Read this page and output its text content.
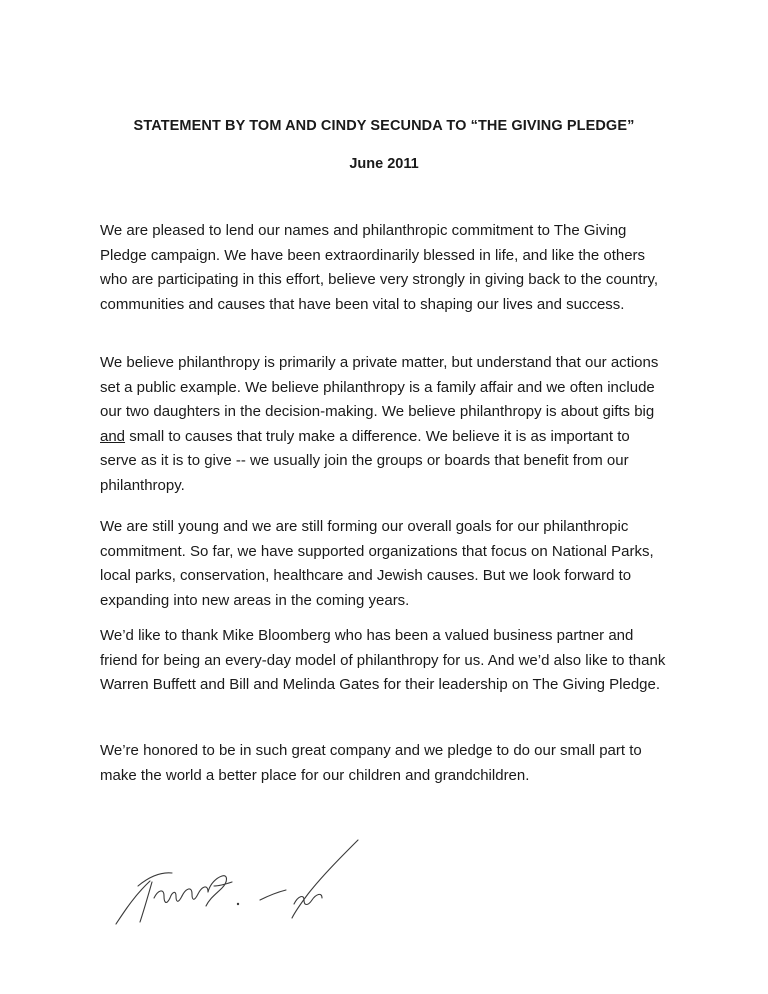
STATEMENT BY TOM AND CINDY SECUNDA TO “THE GIVING PLEDGE”
June 2011

We are pleased to lend our names and philanthropic commitment to The Giving Pledge campaign. We have been extraordinarily blessed in life, and like the others who are participating in this effort, believe very strongly in giving back to the country, communities and causes that have been vital to shaping our lives and success.

We believe philanthropy is primarily a private matter, but understand that our actions set a public example. We believe philanthropy is a family affair and we often include our two daughters in the decision-making. We believe philanthropy is about gifts big and small to causes that truly make a difference. We believe it is as important to serve as it is to give -- we usually join the groups or boards that benefit from our philanthropy.

We are still young and we are still forming our overall goals for our philanthropic commitment. So far, we have supported organizations that focus on National Parks, local parks, conservation, healthcare and Jewish causes. But we look forward to expanding into new areas in the coming years.

We’d like to thank Mike Bloomberg who has been a valued business partner and friend for being an every-day model of philanthropy for us. And we’d also like to thank Warren Buffett and Bill and Melinda Gates for their leadership on The Giving Pledge.

We’re honored to be in such great company and we pledge to do our small part to make the world a better place for our children and grandchildren.
